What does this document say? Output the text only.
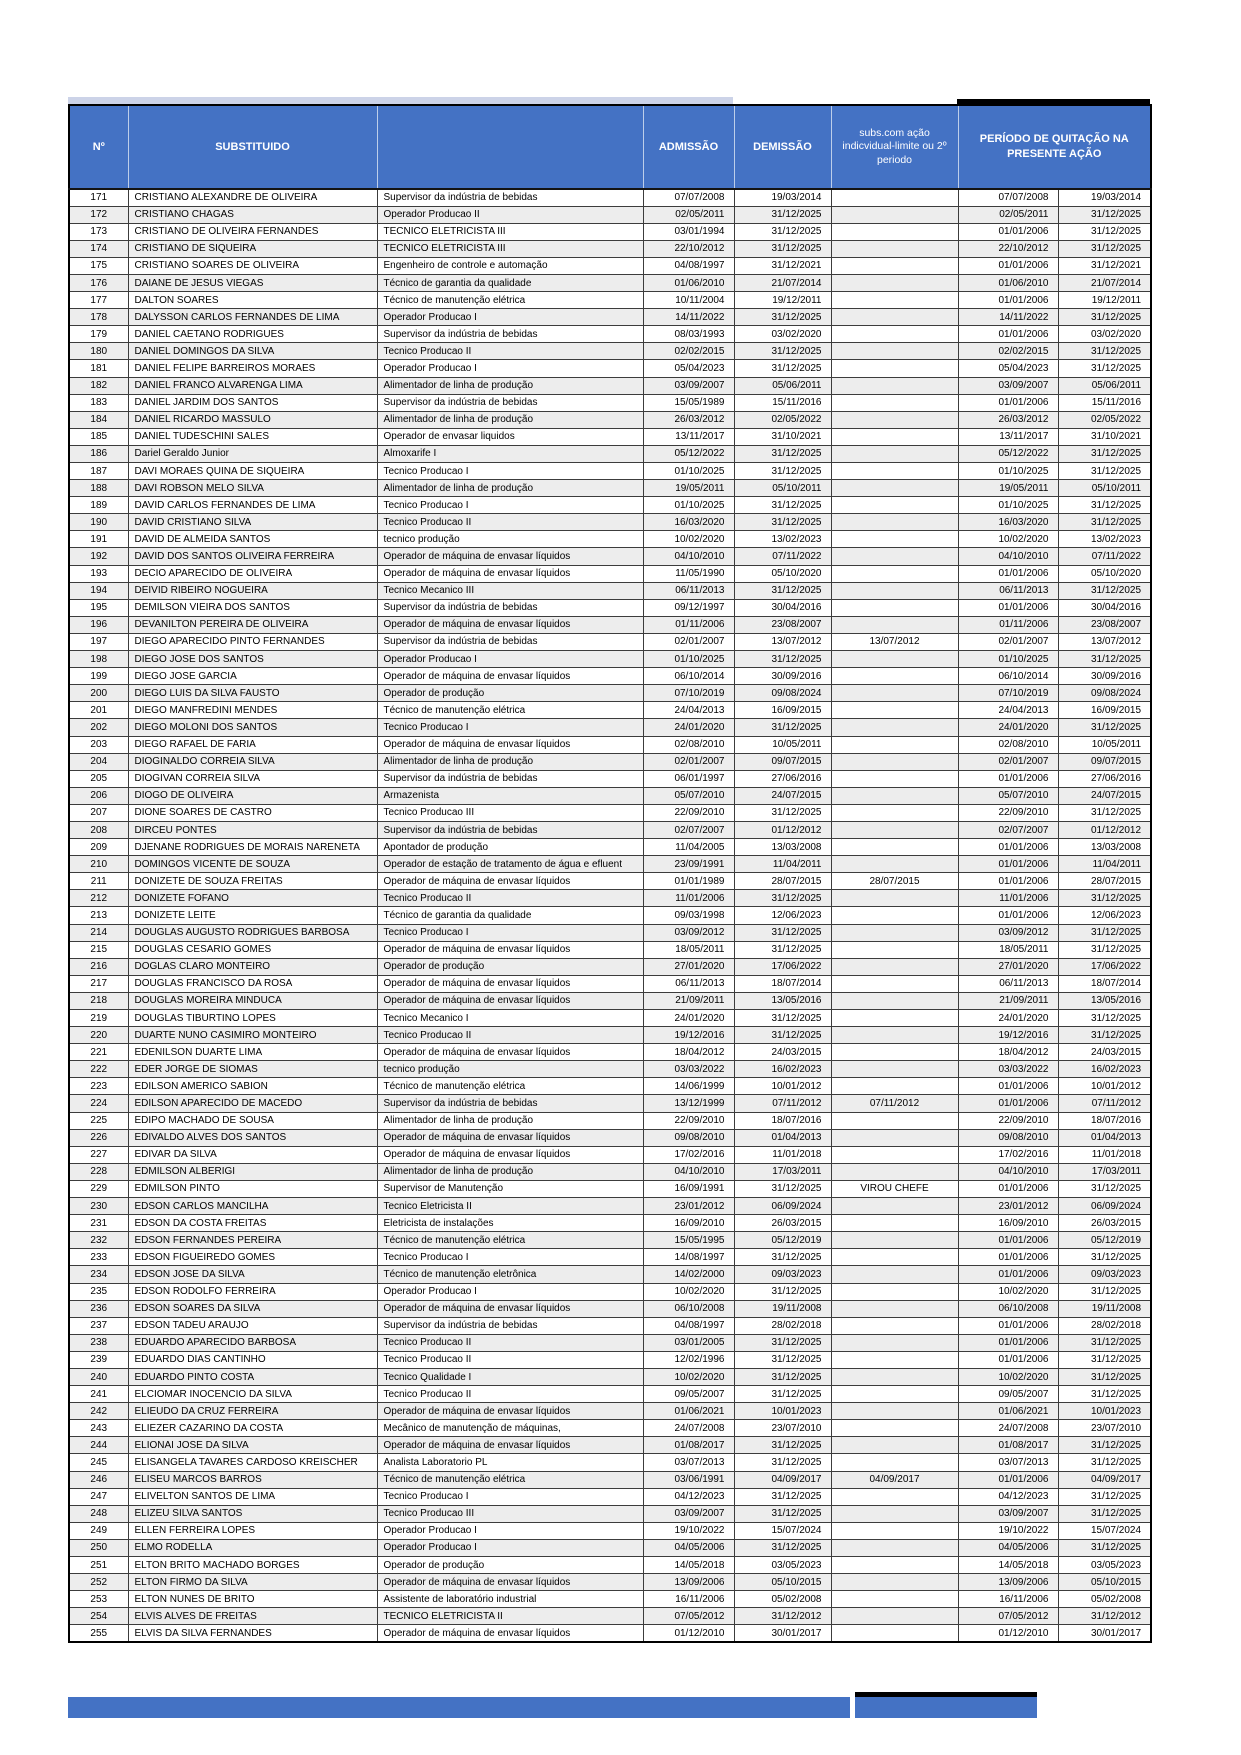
Nº	SUBSTITUIDO		ADMISSÃO	DEMISSÃO	subs.com ação indicvidual-limite ou 2º periodo	PERÍODO DE QUITAÇÃO NA PRESENTE AÇÃO	
171	CRISTIANO ALEXANDRE DE OLIVEIRA	Supervisor da indústria de bebidas	07/07/2008	19/03/2014		07/07/2008	19/03/2014
172	CRISTIANO CHAGAS	Operador Producao II	02/05/2011	31/12/2025		02/05/2011	31/12/2025
173	CRISTIANO DE OLIVEIRA FERNANDES	TECNICO ELETRICISTA III	03/01/1994	31/12/2025		01/01/2006	31/12/2025
174	CRISTIANO DE SIQUEIRA	TECNICO ELETRICISTA III	22/10/2012	31/12/2025		22/10/2012	31/12/2025
175	CRISTIANO SOARES DE OLIVEIRA	Engenheiro de controle e automação	04/08/1997	31/12/2021		01/01/2006	31/12/2021
176	DAIANE DE JESUS VIEGAS	Técnico de garantia da qualidade	01/06/2010	21/07/2014		01/06/2010	21/07/2014
177	DALTON SOARES	Técnico de manutenção elétrica	10/11/2004	19/12/2011		01/01/2006	19/12/2011
178	DALYSSON CARLOS FERNANDES DE LIMA	Operador Producao I	14/11/2022	31/12/2025		14/11/2022	31/12/2025
179	DANIEL CAETANO RODRIGUES	Supervisor da indústria de bebidas	08/03/1993	03/02/2020		01/01/2006	03/02/2020
180	DANIEL DOMINGOS DA SILVA	Tecnico Producao II	02/02/2015	31/12/2025		02/02/2015	31/12/2025
181	DANIEL FELIPE BARREIROS MORAES	Operador Producao I	05/04/2023	31/12/2025		05/04/2023	31/12/2025
182	DANIEL FRANCO ALVARENGA LIMA	Alimentador de linha de produção	03/09/2007	05/06/2011		03/09/2007	05/06/2011
183	DANIEL JARDIM DOS SANTOS	Supervisor da indústria de bebidas	15/05/1989	15/11/2016		01/01/2006	15/11/2016
184	DANIEL RICARDO MASSULO	Alimentador de linha de produção	26/03/2012	02/05/2022		26/03/2012	02/05/2022
185	DANIEL TUDESCHINI SALES	Operador de envasar liquidos	13/11/2017	31/10/2021		13/11/2017	31/10/2021
186	Dariel Geraldo Junior	Almoxarife I	05/12/2022	31/12/2025		05/12/2022	31/12/2025
187	DAVI MORAES QUINA DE SIQUEIRA	Tecnico Producao I	01/10/2025	31/12/2025		01/10/2025	31/12/2025
188	DAVI ROBSON MELO SILVA	Alimentador de linha de produção	19/05/2011	05/10/2011		19/05/2011	05/10/2011
189	DAVID CARLOS FERNANDES DE LIMA	Tecnico Producao I	01/10/2025	31/12/2025		01/10/2025	31/12/2025
190	DAVID CRISTIANO SILVA	Tecnico Producao II	16/03/2020	31/12/2025		16/03/2020	31/12/2025
191	DAVID DE ALMEIDA SANTOS	tecnico produção	10/02/2020	13/02/2023		10/02/2020	13/02/2023
192	DAVID DOS SANTOS OLIVEIRA FERREIRA	Operador de máquina de envasar líquidos	04/10/2010	07/11/2022		04/10/2010	07/11/2022
193	DECIO APARECIDO DE OLIVEIRA	Operador de máquina de envasar líquidos	11/05/1990	05/10/2020		01/01/2006	05/10/2020
194	DEIVID RIBEIRO NOGUEIRA	Tecnico Mecanico III	06/11/2013	31/12/2025		06/11/2013	31/12/2025
195	DEMILSON VIEIRA DOS SANTOS	Supervisor da indústria de bebidas	09/12/1997	30/04/2016		01/01/2006	30/04/2016
196	DEVANILTON PEREIRA DE OLIVEIRA	Operador de máquina de envasar líquidos	01/11/2006	23/08/2007		01/11/2006	23/08/2007
197	DIEGO APARECIDO PINTO FERNANDES	Supervisor da indústria de bebidas	02/01/2007	13/07/2012	13/07/2012	02/01/2007	13/07/2012
198	DIEGO JOSE DOS SANTOS	Operador Producao I	01/10/2025	31/12/2025		01/10/2025	31/12/2025
199	DIEGO JOSE GARCIA	Operador de máquina de envasar líquidos	06/10/2014	30/09/2016		06/10/2014	30/09/2016
200	DIEGO LUIS DA SILVA FAUSTO	Operador de produção	07/10/2019	09/08/2024		07/10/2019	09/08/2024
201	DIEGO MANFREDINI MENDES	Técnico de manutenção elétrica	24/04/2013	16/09/2015		24/04/2013	16/09/2015
202	DIEGO MOLONI DOS SANTOS	Tecnico Producao I	24/01/2020	31/12/2025		24/01/2020	31/12/2025
203	DIEGO RAFAEL DE FARIA	Operador de máquina de envasar líquidos	02/08/2010	10/05/2011		02/08/2010	10/05/2011
204	DIOGINALDO CORREIA SILVA	Alimentador de linha de produção	02/01/2007	09/07/2015		02/01/2007	09/07/2015
205	DIOGIVAN CORREIA SILVA	Supervisor da indústria de bebidas	06/01/1997	27/06/2016		01/01/2006	27/06/2016
206	DIOGO DE OLIVEIRA	Armazenista	05/07/2010	24/07/2015		05/07/2010	24/07/2015
207	DIONE SOARES DE CASTRO	Tecnico Producao III	22/09/2010	31/12/2025		22/09/2010	31/12/2025
208	DIRCEU PONTES	Supervisor da indústria de bebidas	02/07/2007	01/12/2012		02/07/2007	01/12/2012
209	DJENANE RODRIGUES DE MORAIS NARENETA	Apontador de produção	11/04/2005	13/03/2008		01/01/2006	13/03/2008
210	DOMINGOS VICENTE DE SOUZA	Operador de estação de tratamento de água e efluent	23/09/1991	11/04/2011		01/01/2006	11/04/2011
211	DONIZETE DE SOUZA FREITAS	Operador de máquina de envasar líquidos	01/01/1989	28/07/2015	28/07/2015	01/01/2006	28/07/2015
212	DONIZETE FOFANO	Tecnico Producao II	11/01/2006	31/12/2025		11/01/2006	31/12/2025
213	DONIZETE LEITE	Técnico de garantia da qualidade	09/03/1998	12/06/2023		01/01/2006	12/06/2023
214	DOUGLAS AUGUSTO RODRIGUES BARBOSA	Tecnico Producao I	03/09/2012	31/12/2025		03/09/2012	31/12/2025
215	DOUGLAS CESARIO GOMES	Operador de máquina de envasar líquidos	18/05/2011	31/12/2025		18/05/2011	31/12/2025
216	DOGLAS CLARO MONTEIRO	Operador de produção	27/01/2020	17/06/2022		27/01/2020	17/06/2022
217	DOUGLAS FRANCISCO DA ROSA	Operador de máquina de envasar líquidos	06/11/2013	18/07/2014		06/11/2013	18/07/2014
218	DOUGLAS MOREIRA MINDUCA	Operador de máquina de envasar líquidos	21/09/2011	13/05/2016		21/09/2011	13/05/2016
219	DOUGLAS TIBURTINO LOPES	Tecnico Mecanico I	24/01/2020	31/12/2025		24/01/2020	31/12/2025
220	DUARTE NUNO CASIMIRO MONTEIRO	Tecnico Producao II	19/12/2016	31/12/2025		19/12/2016	31/12/2025
221	EDENILSON DUARTE LIMA	Operador de máquina de envasar líquidos	18/04/2012	24/03/2015		18/04/2012	24/03/2015
222	EDER JORGE DE SIOMAS	tecnico produção	03/03/2022	16/02/2023		03/03/2022	16/02/2023
223	EDILSON AMERICO SABION	Técnico de manutenção elétrica	14/06/1999	10/01/2012		01/01/2006	10/01/2012
224	EDILSON APARECIDO DE MACEDO	Supervisor da indústria de bebidas	13/12/1999	07/11/2012	07/11/2012	01/01/2006	07/11/2012
225	EDIPO MACHADO DE SOUSA	Alimentador de linha de produção	22/09/2010	18/07/2016		22/09/2010	18/07/2016
226	EDIVALDO ALVES DOS SANTOS	Operador de máquina de envasar líquidos	09/08/2010	01/04/2013		09/08/2010	01/04/2013
227	EDIVAR DA SILVA	Operador de máquina de envasar líquidos	17/02/2016	11/01/2018		17/02/2016	11/01/2018
228	EDMILSON ALBERIGI	Alimentador de linha de produção	04/10/2010	17/03/2011		04/10/2010	17/03/2011
229	EDMILSON PINTO	Supervisor de Manutenção	16/09/1991	31/12/2025	VIROU CHEFE	01/01/2006	31/12/2025
230	EDSON CARLOS MANCILHA	Tecnico Eletricista II	23/01/2012	06/09/2024		23/01/2012	06/09/2024
231	EDSON DA COSTA FREITAS	Eletricista de instalações	16/09/2010	26/03/2015		16/09/2010	26/03/2015
232	EDSON FERNANDES PEREIRA	Técnico de manutenção elétrica	15/05/1995	05/12/2019		01/01/2006	05/12/2019
233	EDSON FIGUEIREDO GOMES	Tecnico Producao I	14/08/1997	31/12/2025		01/01/2006	31/12/2025
234	EDSON JOSE DA SILVA	Técnico de manutenção eletrônica	14/02/2000	09/03/2023		01/01/2006	09/03/2023
235	EDSON RODOLFO FERREIRA	Operador Producao I	10/02/2020	31/12/2025		10/02/2020	31/12/2025
236	EDSON SOARES DA SILVA	Operador de máquina de envasar líquidos	06/10/2008	19/11/2008		06/10/2008	19/11/2008
237	EDSON TADEU ARAUJO	Supervisor da indústria de bebidas	04/08/1997	28/02/2018		01/01/2006	28/02/2018
238	EDUARDO APARECIDO BARBOSA	Tecnico Producao II	03/01/2005	31/12/2025		01/01/2006	31/12/2025
239	EDUARDO DIAS CANTINHO	Tecnico Producao II	12/02/1996	31/12/2025		01/01/2006	31/12/2025
240	EDUARDO PINTO COSTA	Tecnico Qualidade I	10/02/2020	31/12/2025		10/02/2020	31/12/2025
241	ELCIOMAR INOCENCIO DA SILVA	Tecnico Producao II	09/05/2007	31/12/2025		09/05/2007	31/12/2025
242	ELIEUDO DA CRUZ FERREIRA	Operador de máquina de envasar líquidos	01/06/2021	10/01/2023		01/06/2021	10/01/2023
243	ELIEZER CAZARINO DA COSTA	Mecânico de manutenção de máquinas,	24/07/2008	23/07/2010		24/07/2008	23/07/2010
244	ELIONAI JOSE DA SILVA	Operador de máquina de envasar líquidos	01/08/2017	31/12/2025		01/08/2017	31/12/2025
245	ELISANGELA TAVARES CARDOSO KREISCHER	Analista Laboratorio PL	03/07/2013	31/12/2025		03/07/2013	31/12/2025
246	ELISEU MARCOS BARROS	Técnico de manutenção elétrica	03/06/1991	04/09/2017	04/09/2017	01/01/2006	04/09/2017
247	ELIVELTON SANTOS DE LIMA	Tecnico Producao I	04/12/2023	31/12/2025		04/12/2023	31/12/2025
248	ELIZEU SILVA SANTOS	Tecnico Producao III	03/09/2007	31/12/2025		03/09/2007	31/12/2025
249	ELLEN FERREIRA LOPES	Operador Producao I	19/10/2022	15/07/2024		19/10/2022	15/07/2024
250	ELMO RODELLA	Operador Producao I	04/05/2006	31/12/2025		04/05/2006	31/12/2025
251	ELTON BRITO MACHADO BORGES	Operador de produção	14/05/2018	03/05/2023		14/05/2018	03/05/2023
252	ELTON FIRMO DA SILVA	Operador de máquina de envasar líquidos	13/09/2006	05/10/2015		13/09/2006	05/10/2015
253	ELTON NUNES DE BRITO	Assistente de laboratório industrial	16/11/2006	05/02/2008		16/11/2006	05/02/2008
254	ELVIS ALVES DE FREITAS	TECNICO ELETRICISTA II	07/05/2012	31/12/2012		07/05/2012	31/12/2012
255	ELVIS DA SILVA FERNANDES	Operador de máquina de envasar líquidos	01/12/2010	30/01/2017		01/12/2010	30/01/2017
